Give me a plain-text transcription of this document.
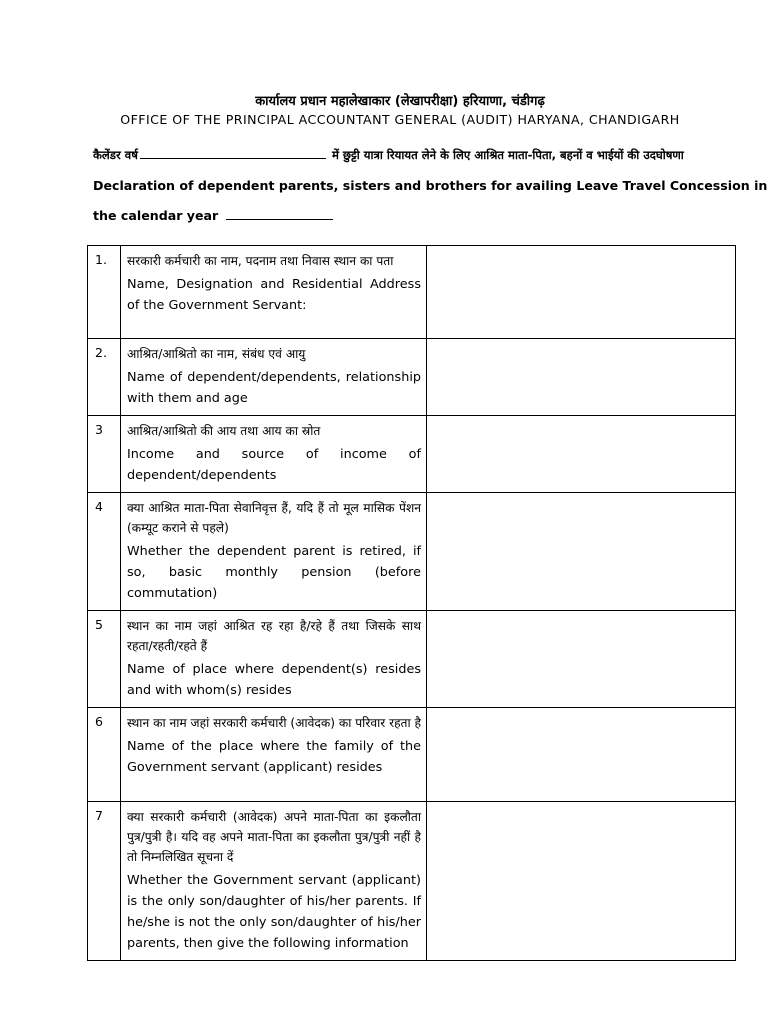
कार्यालय प्रधान महालेखाकार (लेखापरीक्षा) हरियाणा, चंडीगढ़
OFFICE OF THE PRINCIPAL ACCOUNTANT GENERAL (AUDIT) HARYANA, CHANDIGARH
कैलेंडर वर्ष	में छुट्टी यात्रा रियायत लेने के लिए आश्रित माता-पिता, बहनों व भाईयों की उदघोषणा
Declaration of dependent parents, sisters and brothers for availing Leave Travel Concession in
the calendar year
1.	सरकारी कर्मचारी का नाम, पदनाम तथा निवास स्थान का पता
Name, Designation and Residential Address of the Government Servant:	

2.	आश्रित/आश्रितो का नाम, संबंध एवं आयु
Name of dependent/dependents, relationship with them and age	

3	आश्रित/आश्रितो की आय तथा आय का स्रोत
Income and source of income of dependent/dependents	

4	क्या आश्रित माता-पिता सेवानिवृत्त हैं, यदि हैं तो मूल मासिक पेंशन (कम्यूट कराने से पहले)
Whether the dependent parent is retired, if so, basic monthly pension (before commutation)	

5	स्थान का नाम जहां आश्रित रह रहा है/रहे हैं तथा जिसके साथ रहता/रहती/रहते हैं
Name of place where dependent(s) resides and with whom(s) resides	

6	स्थान का नाम जहां सरकारी कर्मचारी (आवेदक) का परिवार रहता है
Name of the place where the family of the Government servant (applicant) resides	

7	क्या सरकारी कर्मचारी (आवेदक) अपने माता-पिता का इकलौता पुत्र/पुत्री है। यदि वह अपने माता-पिता का इकलौता पुत्र/पुत्री नहीं है तो निम्नलिखित सूचना दें
Whether the Government servant (applicant) is the only son/daughter of his/her parents. If he/she is not the only son/daughter of his/her parents, then give the following information	
